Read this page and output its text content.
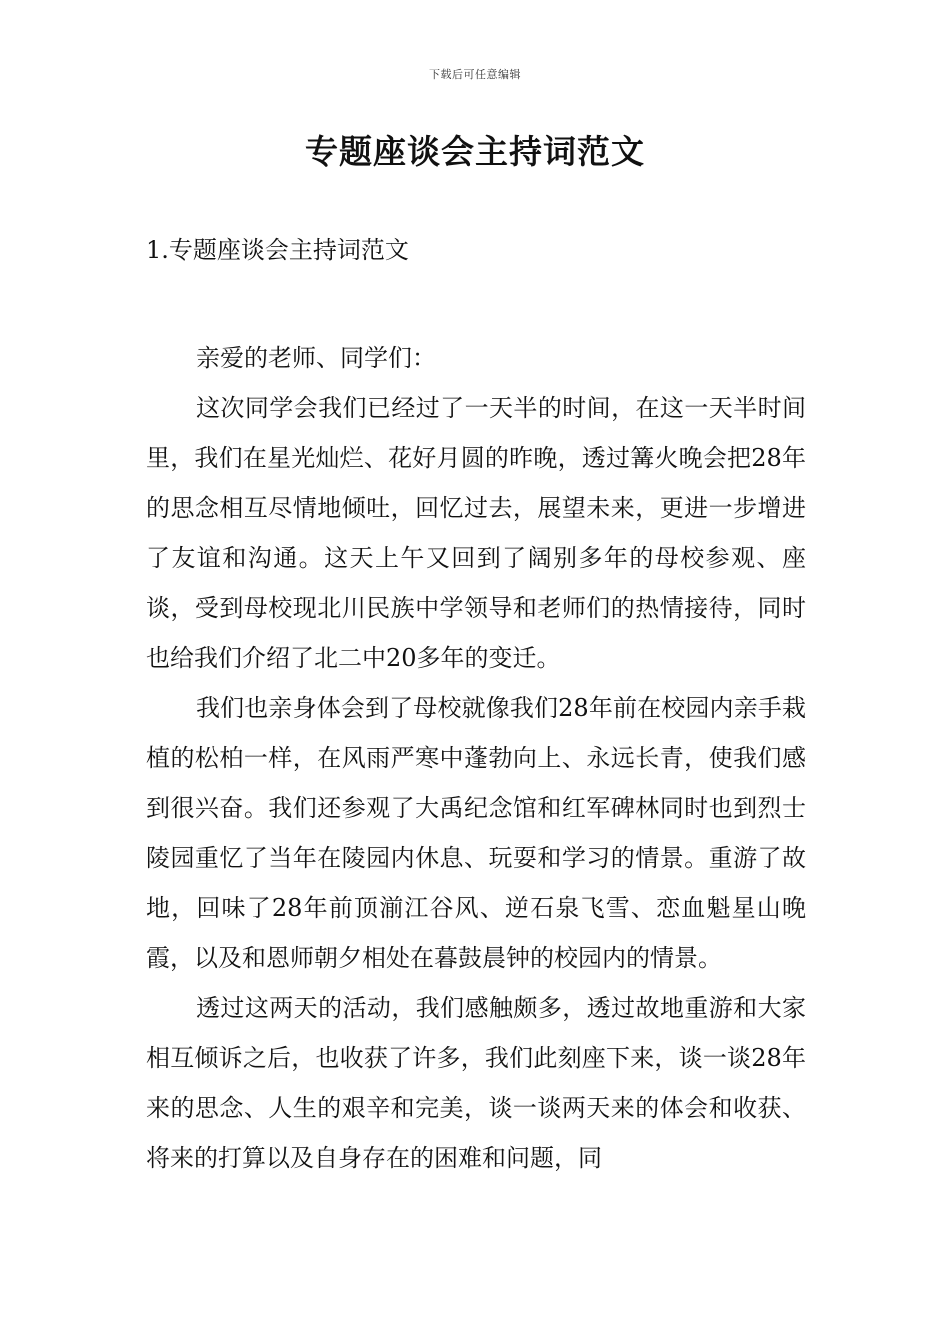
下载后可任意编辑
专题座谈会主持词范文
1.专题座谈会主持词范文

亲爱的老师、同学们：

这次同学会我们已经过了一天半的时间，在这一天半时间里，我们在星光灿烂、花好月圆的昨晚，透过篝火晚会把28年的思念相互尽情地倾吐，回忆过去，展望未来，更进一步增进了友谊和沟通。这天上午又回到了阔别多年的母校参观、座谈，受到母校现北川民族中学领导和老师们的热情接待，同时也给我们介绍了北二中20多年的变迁。

我们也亲身体会到了母校就像我们28年前在校园内亲手栽植的松柏一样，在风雨严寒中蓬勃向上、永远长青，使我们感到很兴奋。我们还参观了大禹纪念馆和红军碑林同时也到烈士陵园重忆了当年在陵园内休息、玩耍和学习的情景。重游了故地，回味了28年前顶湔江谷风、逆石泉飞雪、恋血魁星山晚霞，以及和恩师朝夕相处在暮鼓晨钟的校园内的情景。

透过这两天的活动，我们感触颇多，透过故地重游和大家相互倾诉之后，也收获了许多，我们此刻座下来，谈一谈28年来的思念、人生的艰辛和完美，谈一谈两天来的体会和收获、将来的打算以及自身存在的困难和问题，同
